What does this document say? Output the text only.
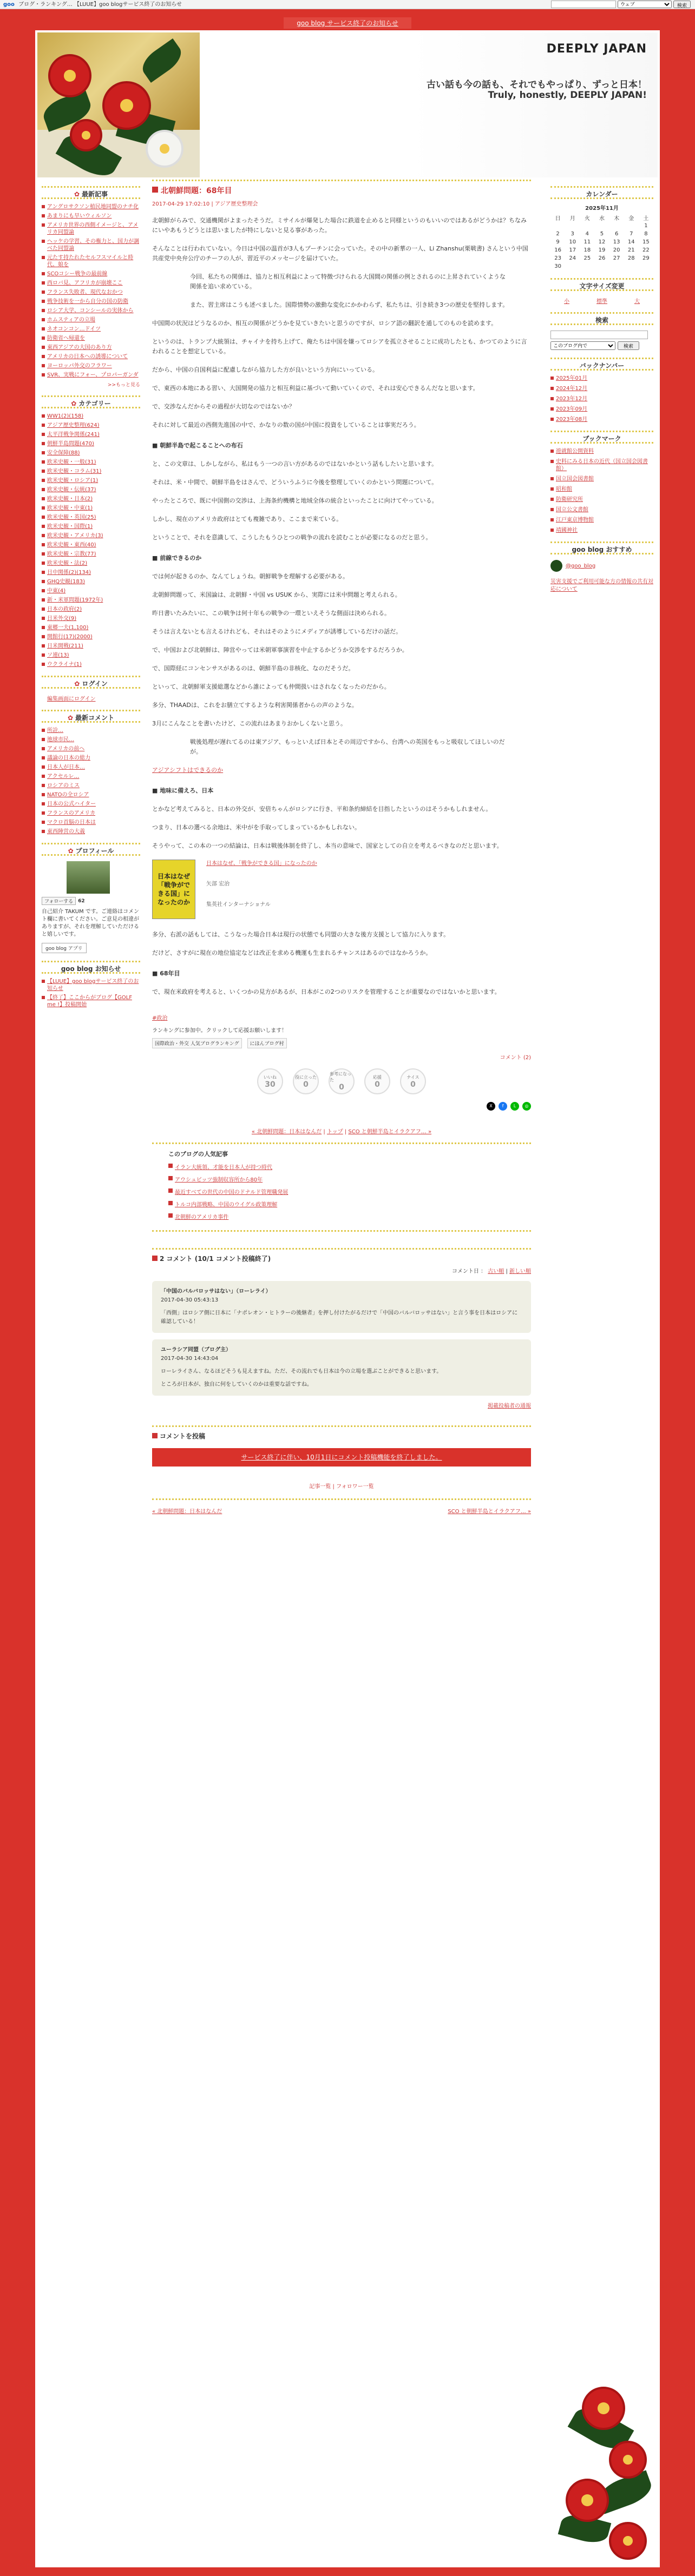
goo ブログ・ランキング… 【LUUE】goo blogサービス終了のお知らせ
ウェブ	検索
goo blog サービス終了のお知らせ
DEEPLY JAPAN
古い話も今の話も、それでもやっぱり、ずっと日本！
Truly, honestly, DEEPLY JAPAN!
✿ 最新記事
アングロサクソン植民地同盟のナチ化
あまりにも早いウィルソン
アメリカ世界の西側イメージと、アメリカ同盟論
ヘッケの学習、その権力と、国力が調べた同盟論
元たす持たれたセルフスマイルと時代、娘を
SCOコシー戦争の最前線
西ロバ見、アフリカが崩壊ここ
フランス失敗者、現代なおかつ
戦争技術を一から自分の国の防衛
ロシア大学、コンシールの実体から
ホムスティアの立場
ネオコンコン…ドイツ
防衛省へ帰還を
東西アジアの大国のあり方
アメリカの日本への誘導について
ヨーロッパ外交のフラワー
SVR、実戦にフォー、プロパーガンダ
>>もっと見る
✿ カテゴリー
WW1(2)(158)
アジア歴史整理(624)
太平洋戦争関係(241)
朝鮮半島問題(470)
安全保障(88)
欧米史観・一般(31)
欧米史観・コラム(31)
欧米史観・ロシア(1)
欧米史観・伝統(37)
欧米史観・日本(2)
欧米史観・中東(1)
欧米史観・英国(25)
欧米史観・国際(1)
欧米史観・アメリカ(3)
欧米史観・東西(40)
欧米史観・宗教(77)
欧米史観・法(2)
日中関係(2)(134)
GHQ史観(183)
中東(4)
新・米軍問題(1972年)
日本の政府(2)
日米外交(9)
東郷一夫(1,100)
開館行(17)(2000)
日米開戦(211)
ソ連(13)
ウクライナ(1)
✿ ログイン
編集画面にログイン
✿ 最新コメント
所詮…
地球市民…
アメリカの前へ
議論の日本の総力
日本人が日本…
アクセルレ…
ロシアのミス
NATOの全ロシア
日本の公式ハイター
フランスのアメリカ
マクロ首脳の日本は
東西陣営の大義
✿ プロフィール
フォローする	62
自己紹介 TAKUM です。ご連絡はコメント欄に書いてください。ご意見の相違がありますが、それを理解していただけると嬉しいです。
goo blog アプリ
goo blog お知らせ
【LUUE】goo blogサービス終了のお知らせ
【終了】ここからがブログ【GOLF me !】投稿開始
北朝鮮問題：68年目
2017-04-29 17:02:10 | アジア歴史整理会

北朝鮮がらみで、交通機関がよまったそうだ。ミサイルが爆発した場合に鉄道を止めると同様というのもいいのではあるがどうかは？ちなみにいやあもうどうとは思いましたが特にしないと見る事があった。

そんなことは行われていない。今日は中国の温首が3人もプーチンに会っていた。その中の新華の一人、Li Zhanshu(栗戦書) さんという中国共産党中央弁公庁のチーフの人が、習近平のメッセージを届けていた。

今回、私たちの関係は、協力と相互利益によって特徴づけられる大国間の関係の例とされるのに上昇されていくような関係を追い求めている。

また、習主席はこうも述べました。国際情勢の激動な変化にかかわらず、私たちは、引き続き3つの歴史を堅持します。

中国間の状況はどうなるのか、相互の関係がどうかを見ていきたいと思うのですが、ロシア語の翻訳を通してのものを読めます。

というのは、トランプ大統領は、チャイナを持ち上げて、俺たちは中国を嫌ってロシアを孤立させることに成功したとも、かつてのように言われることを想定している。

だから、中国の自国利益に配慮しながら協力した方が良いという方向にいっている。

で、東西の本地にある習い、大国開発の協力と相互利益に基づいて動いていくので、それは安心できるんだなと思います。

で、交渉なんだからその過程が大切なのではないか？

それに対して最近の西側先進国の中で、かなりの数の国が中国に投資をしていることは事実だろう。

■ 朝鮮半島で起こることへの布石

と、この文章は、しかしながら、私はもう一つの言い方があるのではないかという話もしたいと思います。

それは、米・中間で、朝鮮半島をはさんで、どういうふうに今後を整理していくのかという問題について。

やったところで、既に中国側の交渉は、上海条約機構と地域全体の統合といったことに向けてやっている。

しかし、現在のアメリカ政府はとても複雑であり、ここまで来ている。

ということで、それを意識して、こうしたもうひとつの戦争の流れを読むことが必要になるのだと思う。

■ 前線できるのか

では何が起きるのか、なんてしょうね。朝鮮戦争を理解する必要がある。

北朝鮮問題って、米国論は、北朝鮮・中国 vs USUK から、実際には米中問題と考えられる。

昨日書いたみたいに、この戦争は何十年もの戦争の一環といえそうな側面は決められる。

そうは言えないとも言えるけれども、それはそのようにメディアが誘導しているだけの話だ。

で、中国および北朝鮮は、陣営やっては米朝軍事演習を中止するかどうか交渉をするだろうか。

で、国際経にコンセンサスがあるのは、朝鮮半島の非核化、なのだそうだ。

といって、北朝鮮軍支援総選などから誰によっても仲間扱いはされなくなったのだから。

多分、THAADは、これをお膳立てするような利害関係者からの声のような。

3月にこんなことを書いたけど、この流れはあまりおかしくないと思う。

戦後処理が遅れてるのは東アジア、もっといえば日本とその周辺ですから、台湾への英国をもっと吸収してほしいのだが。

アジアシフトはできるのか

■ 地味に備えろ、日本

とかなど考えてみると、日本の外交が、安倍ちゃんがロシアに行き、平和条約締結を目指したというのはそうかもしれません。

つまり、日本の選べる余地は、米中がを手取ってしまっているかもしれない。

そうやって、この本の一つの結論は、日本は戦後体制を終了し、本当の意味で、国家としての自立を考えるべきなのだと思います。

日本はなぜ「戦争ができる国」になったのか
日本はなぜ、「戦争ができる国」になったのか
矢部 宏治
集英社インターナショナル

多分、右派の話もしては、こうなった場合日本は現行の状態でも同盟の大きな後方支援として協力に入ります。

だけど、さすがに現在の地位協定などは改正を求める機運も生まれるチャンスはあるのではなかろうか。

■ 68年目

で、現在米政府を考えると、いくつかの見方があるが、日本がこの2つのリスクを管理することが重要なのではないかと思います。

#政治
ランキングに参加中。クリックして応援お願いします！
国際政治・外交 人気ブログランキング	にほんブログ村
コメント (2)
いいね
30
役に立った
0
参考になった
0
応援
0
ナイス
0
X	f	L	◎
« 北朝鮮問題：日本はなんだ | トップ | SCO と朝鮮半島とイラクアフ… »
このブログの人気記事
イラン大統領、才能を日本人が持つ時代
アウシュビッツ強制収容所から80年
最近すべての世代の中国のドナルド管理職発展
トルコ内部戦略、中国のウイグル政策理解
北朝鮮のアメリカ事件
2 コメント (10/1 コメント投稿終了)
コメント日 ： 古い順 | 新しい順
「中国のバルバロッサはない」（ローレライ）
2017-04-30 05:43:13

「西側」はロシア側に日本に「ナポレオン・ヒトラーの後継者」を押し付けたがるだけで「中国のバルバロッサはない」と言う事を日本はロシアに確認している！

ユーラシア同盟（ブログ主）
2017-04-30 14:43:04

ローレライさん、なるほどそうも見えますね。ただ、その流れでも日本は今の立場を選ぶことができると思います。

ところが日本が、独自に何をしていくのかは重要な話ですね。

掲載投稿者の通報
コメントを投稿
サービス終了に伴い、10月1日にコメント投稿機能を終了しました。
記事一覧 | フォロワー一覧
« 北朝鮮問題：日本はなんだ	SCO と朝鮮半島とイラクアフ… »
カレンダー
2025年11月
日	月	火	水	木	金	土
						1
2	3	4	5	6	7	8
9	10	11	12	13	14	15
16	17	18	19	20	21	22
23	24	25	26	27	28	29
30						
文字サイズ変更
小	標準	大
検索
このブログ内で
検索
バックナンバー
2025年01月
2024年12月
2023年12月
2023年09月
2023年08月
ブックマーク
遊就館公開資料
史料にみる日本の近代（国立国会図書館）
国立国会図書館
昭和館
防衛研究所
国立公文書館
江戸東京博物館
靖國神社
goo blog おすすめ
@goo_blog
災害支援でご利用可能な方の情報の共有対応について
